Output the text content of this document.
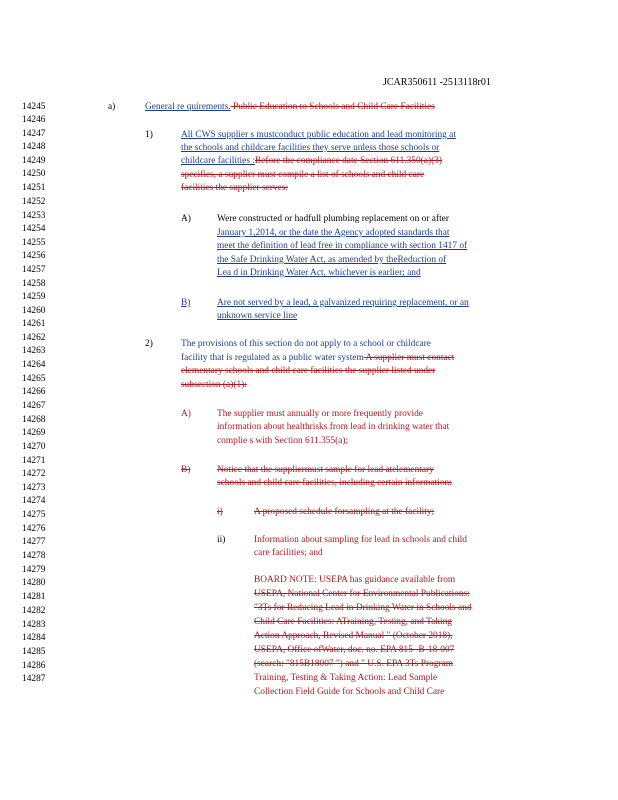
JCAR350611 -2513118r01
14245
14246
14247
14248
14249
14250
14251
14252
14253
14254
14255
14256
14257
14258
14259
14260
14261
14262
14263
14264
14265
14266
14267
14268
14269
14270
14271
14272
14273
14274
14275
14276
14277
14278
14279
14280
14281
14282
14283
14284
14285
14286
14287
a)	General re quirements. Public Education to Schools and Child Care Facilities
1)	All CWS supplier s mustconduct public education and lead monitoring at
the schools and childcare facilities they serve unless those schools or
childcare facilities :Before the compliance date Section 611.350(a)(3)
specifies, a supplier must compile a list of schools and child care
facilities the supplier serves:
A)	Were constructed or hadfull plumbing replacement on or after
January 1,2014, or the date the Agency adopted standards that
meet the definition of lead free in compliance with section 1417 of
the Safe Drinking Water Act, as amended by theReduction of
Lea d in Drinking Water Act, whichever is earlier; and
B)	Are not served by a lead, a galvanized requiring replacement, or an
unknown service line
2)	The provisions of this section do not apply to a school or childcare
facility that is regulated as a public water system A supplier must contact
elementary schools and child care facilities the supplier listed under
subsection (a)(1):
A)	The supplier must annually or more frequently provide
information about healthrisks from lead in drinking water that
complie s with Section 611.355(a);
B)	Notice that the suppliermust sample for lead atelementary
schools and child care facilities, including certain information:
i)	A proposed schedule forsampling at the facility;
ii)	Information about sampling for lead in schools and child
care facilities; and
BOARD NOTE: USEPA has guidance available from
USEPA, National Center for Environmental Publications:
"3Ts for Reducing Lead in Drinking Water in Schools and
Child Care Facilities: ATraining, Testing, and Taking
Action Approach, Revised Manual " (October 2018),
USEPA, Office ofWater, doc. no. EPA 815 -B-18-007
(search: "815B18007 ") and " U.S. EPA 3Ts Program
Training, Testing & Taking Action: Lead Sample
Collection Field Guide for Schools and Child Care
